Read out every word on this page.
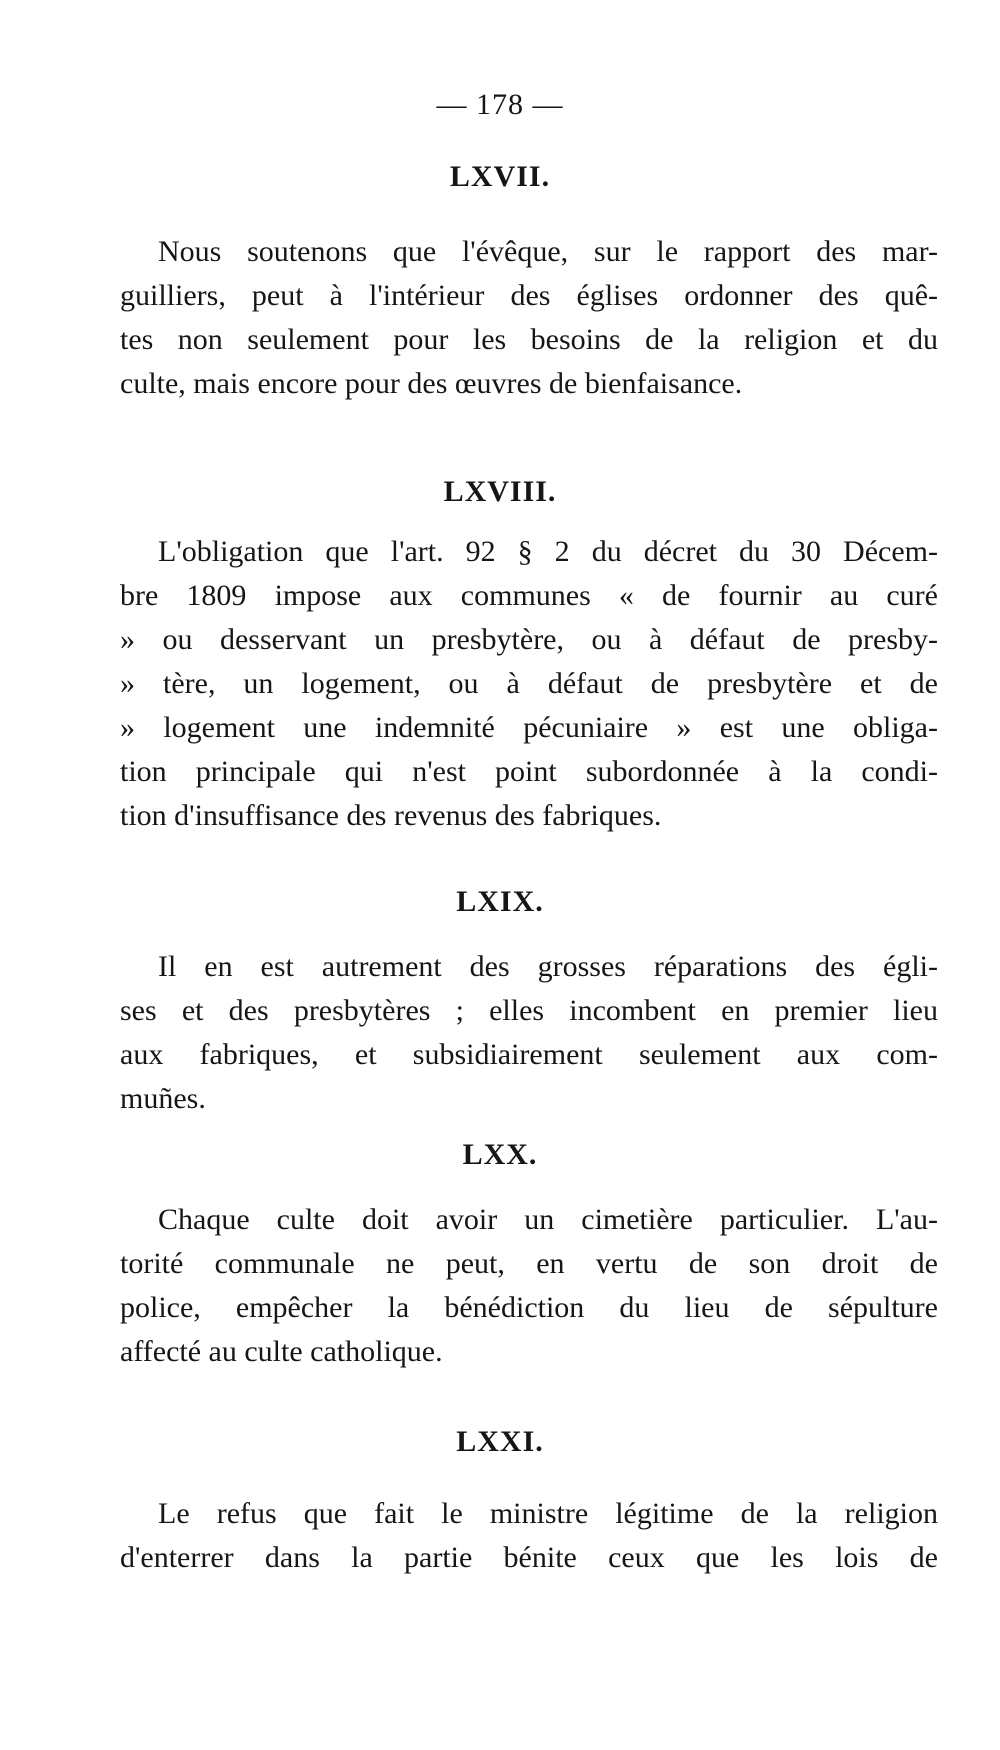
— 178 —
LXVII.
Nous soutenons que l'évêque, sur le rapport des mar-
guilliers, peut à l'intérieur des églises ordonner des quê-
tes non seulement pour les besoins de la religion et du
culte, mais encore pour des œuvres de bienfaisance.
LXVIII.
L'obligation que l'art. 92 § 2 du décret du 30 Décem-
bre 1809 impose aux communes « de fournir au curé
» ou desservant un presbytère, ou à défaut de presby-
» tère, un logement, ou à défaut de presbytère et de
» logement une indemnité pécuniaire » est une obliga-
tion principale qui n'est point subordonnée à la condi-
tion d'insuffisance des revenus des fabriques.
LXIX.
Il en est autrement des grosses réparations des égli-
ses et des presbytères ; elles incombent en premier lieu
aux fabriques, et subsidiairement seulement aux com-
muñes.
LXX.
Chaque culte doit avoir un cimetière particulier. L'au-
torité communale ne peut, en vertu de son droit de
police, empêcher la bénédiction du lieu de sépulture
affecté au culte catholique.
LXXI.
Le refus que fait le ministre légitime de la religion
d'enterrer dans la partie bénite ceux que les lois de
